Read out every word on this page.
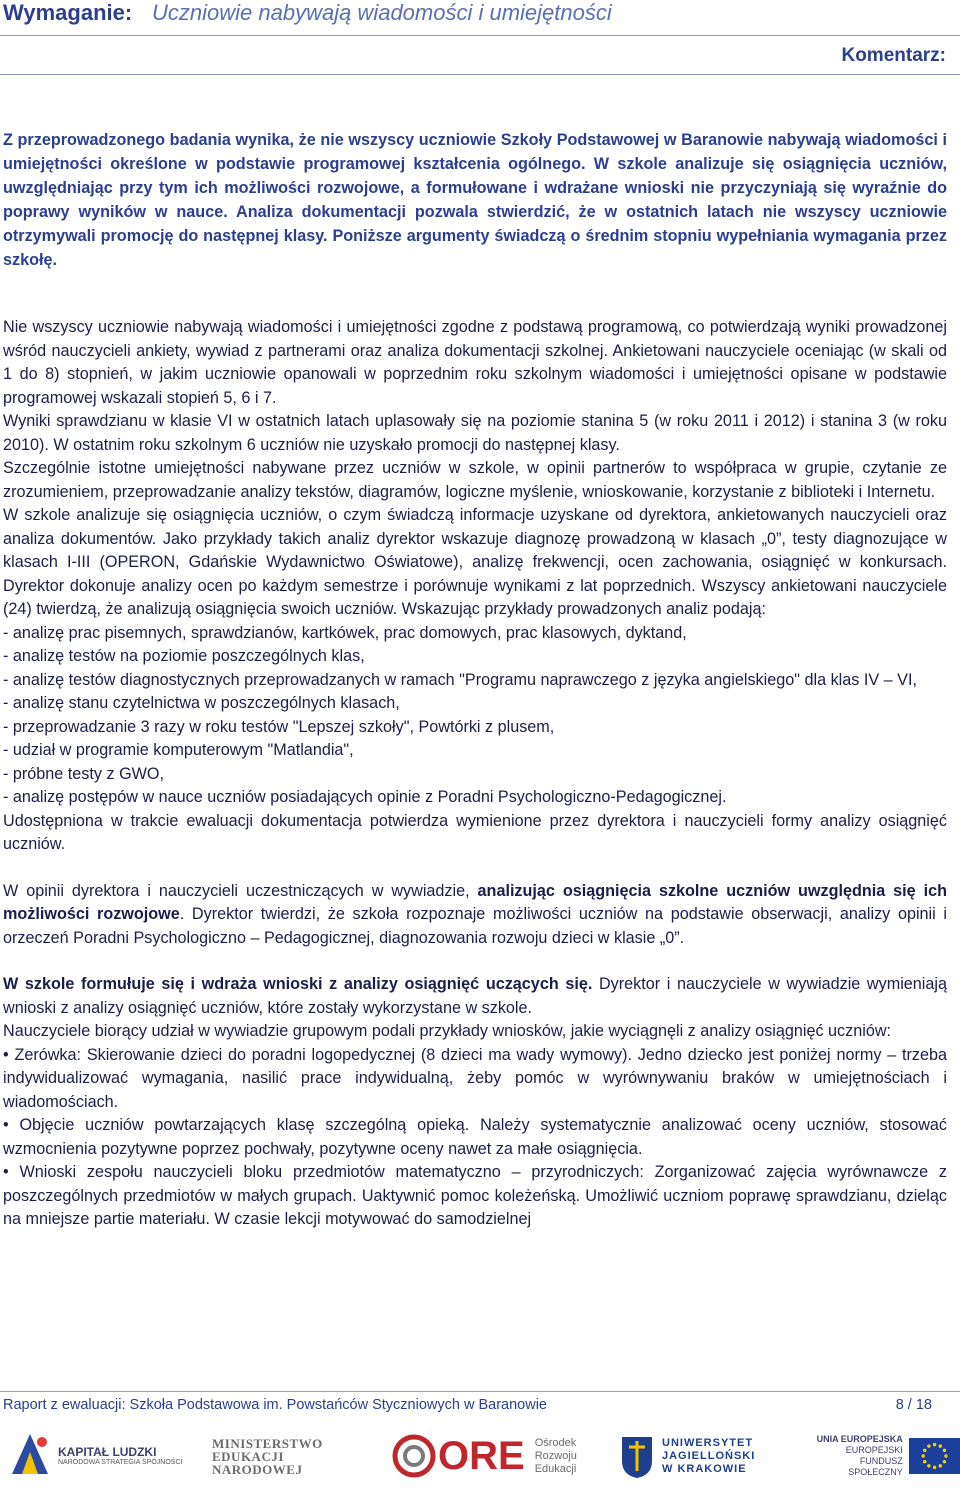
Wymaganie: Uczniowie nabywają wiadomości i umiejętności
Komentarz:
Z przeprowadzonego badania wynika, że nie wszyscy uczniowie Szkoły Podstawowej w Baranowie nabywają wiadomości i umiejętności określone w podstawie programowej kształcenia ogólnego. W szkole analizuje się osiągnięcia uczniów, uwzględniając przy tym ich możliwości rozwojowe, a formułowane i wdrażane wnioski nie przyczyniają się wyraźnie do poprawy wyników w nauce. Analiza dokumentacji pozwala stwierdzić, że w ostatnich latach nie wszyscy uczniowie otrzymywali promocję do następnej klasy. Poniższe argumenty świadczą o średnim stopniu wypełniania wymagania przez szkołę.

Nie wszyscy uczniowie nabywają wiadomości i umiejętności zgodne z podstawą programową, co potwierdzają wyniki prowadzonej wśród nauczycieli ankiety, wywiad z partnerami oraz analiza dokumentacji szkolnej. Ankietowani nauczyciele oceniając (w skali od 1 do 8) stopnień, w jakim uczniowie opanowali w poprzednim roku szkolnym wiadomości i umiejętności opisane w podstawie programowej wskazali stopień 5, 6 i 7.

Wyniki sprawdzianu w klasie VI w ostatnich latach uplasowały się na poziomie stanina 5 (w roku 2011 i 2012) i stanina 3 (w roku 2010). W ostatnim roku szkolnym 6 uczniów nie uzyskało promocji do następnej klasy.

Szczególnie istotne umiejętności nabywane przez uczniów w szkole, w opinii partnerów to współpraca w grupie, czytanie ze zrozumieniem, przeprowadzanie analizy tekstów, diagramów, logiczne myślenie, wnioskowanie, korzystanie z biblioteki i Internetu.

W szkole analizuje się osiągnięcia uczniów, o czym świadczą informacje uzyskane od dyrektora, ankietowanych nauczycieli oraz analiza dokumentów. Jako przykłady takich analiz dyrektor wskazuje diagnozę prowadzoną w klasach „0”, testy diagnozujące w klasach I-III (OPERON, Gdańskie Wydawnictwo Oświatowe), analizę frekwencji, ocen zachowania, osiągnięć w konkursach. Dyrektor dokonuje analizy ocen po każdym semestrze i porównuje wynikami z lat poprzednich. Wszyscy ankietowani nauczyciele (24) twierdzą, że analizują osiągnięcia swoich uczniów. Wskazując przykłady prowadzonych analiz podają:

- analizę prac pisemnych, sprawdzianów, kartkówek, prac domowych, prac klasowych, dyktand,
- analizę testów na poziomie poszczególnych klas,
- analizę testów diagnostycznych przeprowadzanych w ramach "Programu naprawczego z języka angielskiego" dla klas IV – VI,
- analizę stanu czytelnictwa w poszczególnych klasach,
- przeprowadzanie 3 razy w roku testów "Lepszej szkoły", Powtórki z plusem,
- udział w programie komputerowym "Matlandia",
- próbne testy z GWO,
- analizę postępów w nauce uczniów posiadających opinie z Poradni Psychologiczno-Pedagogicznej.

Udostępniona w trakcie ewaluacji dokumentacja potwierdza wymienione przez dyrektora i nauczycieli formy analizy osiągnięć uczniów.

W opinii dyrektora i nauczycieli uczestniczących w wywiadzie, analizując osiągnięcia szkolne uczniów uwzględnia się ich możliwości rozwojowe. Dyrektor twierdzi, że szkoła rozpoznaje możliwości uczniów na podstawie obserwacji, analizy opinii i orzeczeń Poradni Psychologiczno – Pedagogicznej, diagnozowania rozwoju dzieci w klasie „0”.

W szkole formułuje się i wdraża wnioski z analizy osiągnięć uczących się. Dyrektor i nauczyciele w wywiadzie wymieniają wnioski z analizy osiągnięć uczniów, które zostały wykorzystane w szkole.

Nauczyciele biorący udział w wywiadzie grupowym podali przykłady wniosków, jakie wyciągnęli z analizy osiągnięć uczniów:

• Zerówka: Skierowanie dzieci do poradni logopedycznej (8 dzieci ma wady wymowy). Jedno dziecko jest poniżej normy – trzeba indywidualizować wymagania, nasilić prace indywidualną, żeby pomóc w wyrównywaniu braków w umiejętnościach i wiadomościach.

• Objęcie uczniów powtarzających klasę szczególną opieką. Należy systematycznie analizować oceny uczniów, stosować wzmocnienia pozytywne poprzez pochwały, pozytywne oceny nawet za małe osiągnięcia.

• Wnioski zespołu nauczycieli bloku przedmiotów matematyczno – przyrodniczych: Zorganizować zajęcia wyrównawcze z poszczególnych przedmiotów w małych grupach. Uaktywnić pomoc koleżeńską. Umożliwić uczniom poprawę sprawdzianu, dzieląc na mniejsze partie materiału. W czasie lekcji motywować do samodzielnej

Raport z ewaluacji: Szkoła Podstawowa im. Powstańców Styczniowych w Baranowie	8 / 18
KAPITAŁ LUDZKI
NARODOWA STRATEGIA SPÓJNOŚCI
MINISTERSTWO
EDUKACJI
NARODOWEJ	ORE Ośrodek
Rozwoju
Edukacji
UNIWERSYTET
JAGIELLOŃSKI
W KRAKOWIE
UNIA EUROPEJSKA
EUROPEJSKI
FUNDUSZ SPOŁECZNY
